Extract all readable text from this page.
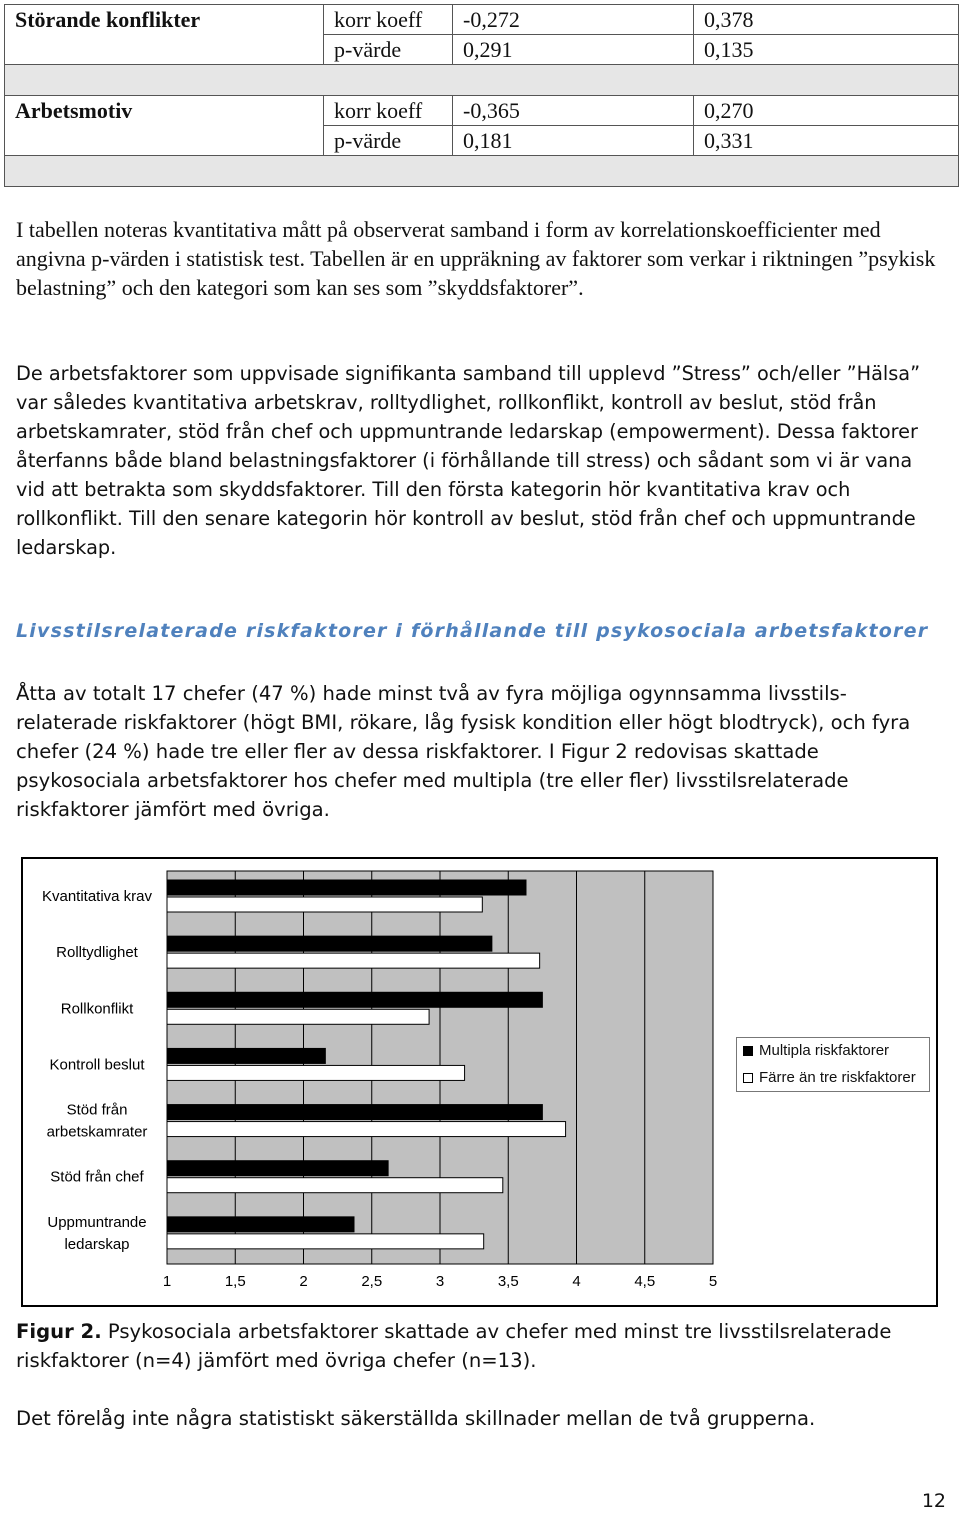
Störande konflikter	korr koeff	-0,272	0,378
	p-värde	0,291	0,135

Arbetsmotiv	korr koeff	-0,365	0,270
	p-värde	0,181	0,331

I tabellen noteras kvantitativa mått på observerat samband i form av korrelationskoefficienter med angivna p-värden i statistisk test. Tabellen är en uppräkning av faktorer som verkar i riktningen ”psykisk belastning” och den kategori som kan ses som ”skyddsfaktorer”.

De arbetsfaktorer som uppvisade signifikanta samband till upplevd ”Stress” och/eller ”Hälsa” var således kvantitativa arbetskrav, rolltydlighet, rollkonflikt, kontroll av beslut, stöd från arbetskamrater, stöd från chef och uppmuntrande ledarskap (empowerment). Dessa faktorer återfanns både bland belastningsfaktorer (i förhållande till stress) och sådant som vi är vana vid att betrakta som skyddsfaktorer. Till den första kategorin hör kvantitativa krav och rollkonflikt. Till den senare kategorin hör kontroll av beslut, stöd från chef och uppmuntrande ledarskap.

Livsstilsrelaterade riskfaktorer i förhållande till psykosociala arbetsfaktorer

Åtta av totalt 17 chefer (47 %) hade minst två av fyra möjliga ogynnsamma livsstils-relaterade riskfaktorer (högt BMI, rökare, låg fysisk kondition eller högt blodtryck), och fyra chefer (24 %) hade tre eller fler av dessa riskfaktorer. I Figur 2 redovisas skattade psykosociala arbetsfaktorer hos chefer med multipla (tre eller fler) livsstilsrelaterade riskfaktorer jämfört med övriga.

1	1,5	2	2,5	3	3,5	4	4,5	5
Kvantitativa krav
Rolltydlighet
Rollkonflikt
Kontroll beslut
Stöd från
arbetskamrater
Stöd från chef
Uppmuntrande
ledarskap
Multipla riskfaktorer
Färre än tre riskfaktorer

Figur 2. Psykosociala arbetsfaktorer skattade av chefer med minst tre livsstilsrelaterade riskfaktorer (n=4) jämfört med övriga chefer (n=13).

Det förelåg inte några statistiskt säkerställda skillnader mellan de två grupperna.

12
